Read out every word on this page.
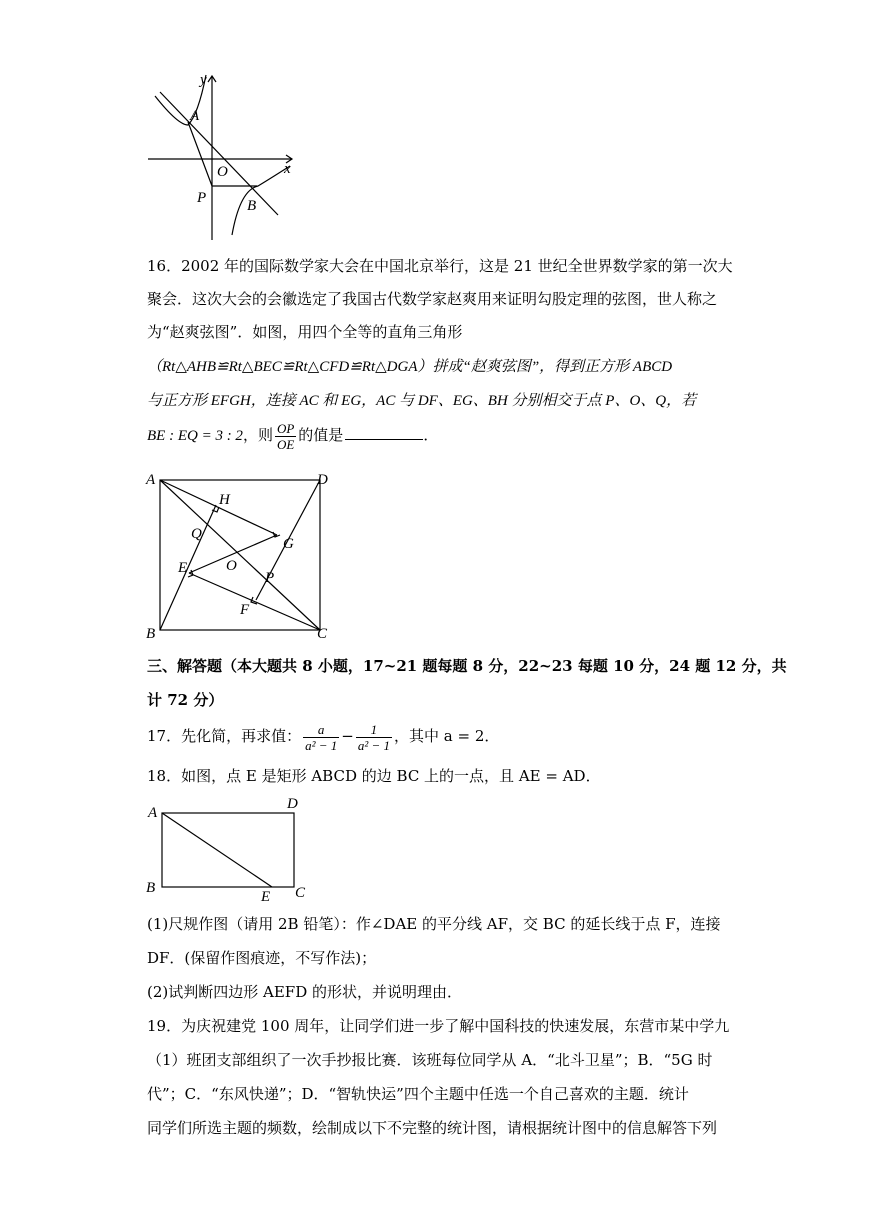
y
x
A
O
P	B
16．2002 年的国际数学家大会在中国北京举行，这是 21 世纪全世界数学家的第一次大
聚会．这次大会的会徽选定了我国古代数学家赵爽用来证明勾股定理的弦图，世人称之
为“赵爽弦图”．如图，用四个全等的直角三角形
（Rt△AHB≌Rt△BEC≌Rt△CFD≌Rt△DGA）拼成“赵爽弦图”，得到正方形 ABCD
与正方形 EFGH，连接 AC 和 EG，AC 与 DF、EG、BH 分别相交于点 P、O、Q，若
BE : EQ = 3 : 2，则 $\frac{OP}{OE}$ 的值是	．
A	D
H
Q
G
E	O
P
F
B	C
三、解答题（本大题共 8 小题，17~21 题每题 8 分，22~23 每题 10 分，24 题 12 分，共
计 72 分）
17．先化简，再求值： $\frac{a}{\text{a² − 1}} - \frac{1}{\text{a² − 1}}$ ，其中 a = 2．
18．如图，点 E 是矩形 ABCD 的边 BC 上的一点，且 AE = AD．
A
D
B
E C
(1)尺规作图（请用 2B 铅笔）：作∠DAE 的平分线 AF，交 BC 的延长线于点 F，连接
DF．(保留作图痕迹，不写作法)；
(2)试判断四边形 AEFD 的形状，并说明理由．
19．为庆祝建党 100 周年，让同学们进一步了解中国科技的快速发展，东营市某中学九
（1）班团支部组织了一次手抄报比赛．该班每位同学从 A．“北斗卫星”；B．“5G 时
代”；C．“东风快递”；D．“智轨快运”四个主题中任选一个自己喜欢的主题．统计
同学们所选主题的频数，绘制成以下不完整的统计图，请根据统计图中的信息解答下列
